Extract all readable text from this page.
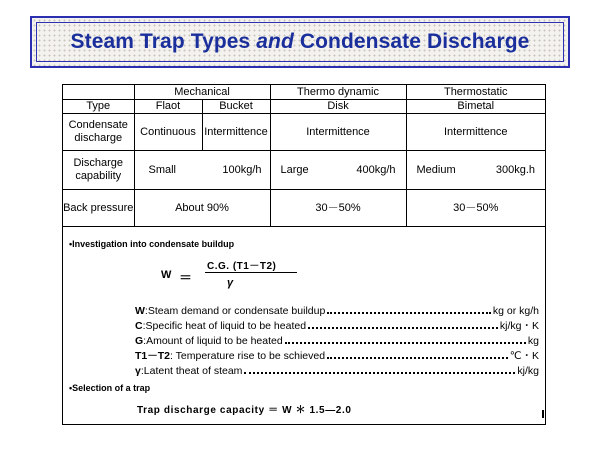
Steam Trap Types and Condensate Discharge
	Mechanical		Thermo dynamic	Thermostatic
Type	Flaot	Bucket	Disk	Bimetal
Condensate discharge	Continuous	Intermittence	Intermittence	Intermittence
Discharge capability	Small 100kg/h		Large 400kg/h	Medium 300kg.h

Back pressure	About 90%		30－50%	30－50%
•Investigation into condensate buildup
W ＝
C.G. (T1－T2)
γ
W :Steam demand or condensate buildup	kg or kg/h
C :Specific heat of liquid to be heated	kj/kg・K
G :Amount of liquid to be heated	kg
T1－T2 : Temperature rise to be schieved	℃・K
γ :Latent theat of steam	kj/kg
•Selection of a trap
Trap discharge capacity ＝ W ＊ 1.5—2.0
